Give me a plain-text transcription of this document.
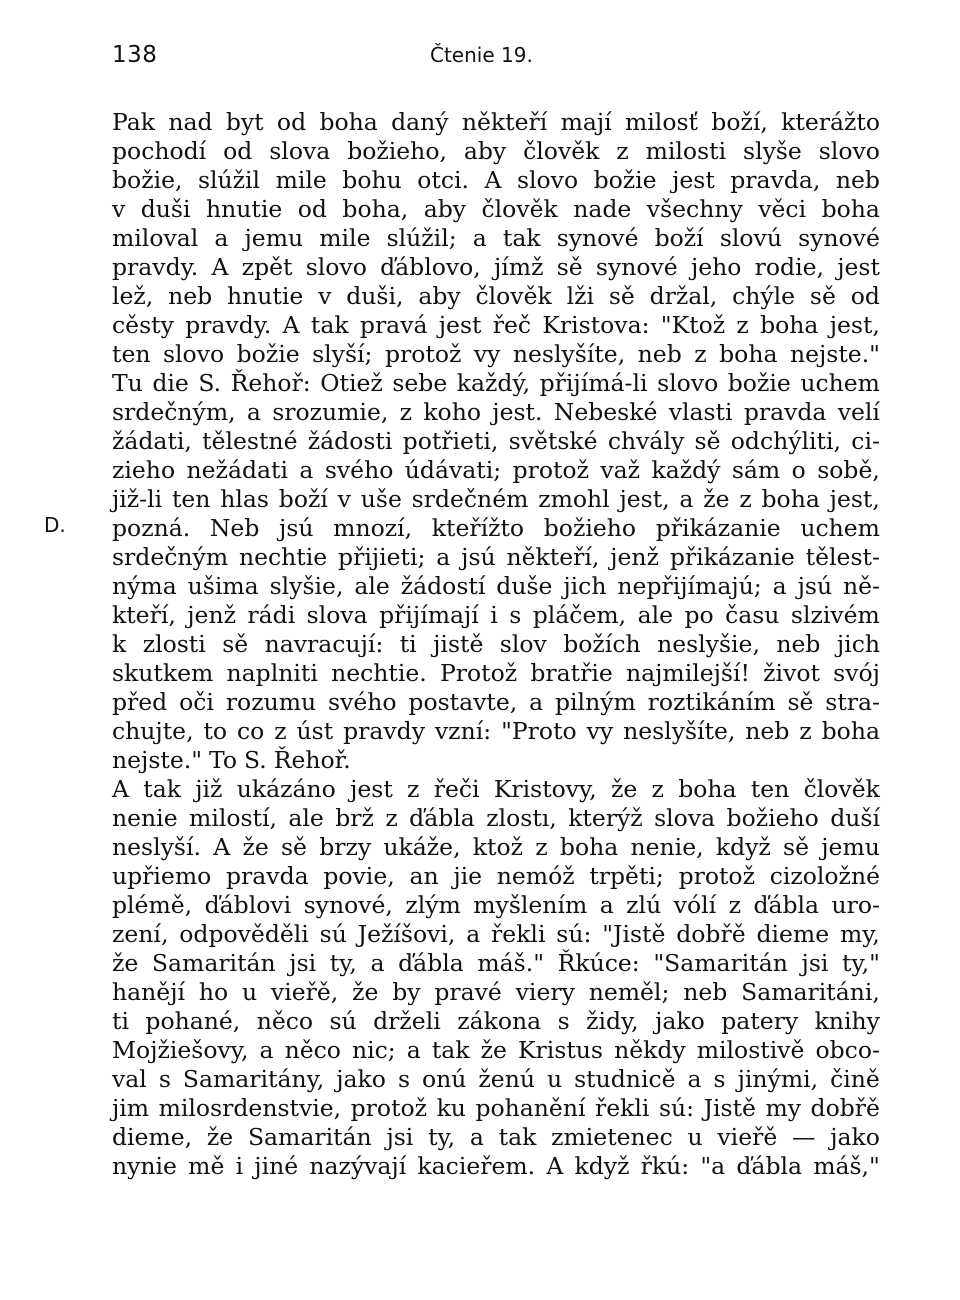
138	Čtenie 19.
D.
Pak nad byt od boha daný někteří mají milosť boží, kterážto
pochodí od slova božieho, aby člověk z milosti slyše slovo
božie, slúžil mile bohu otci. A slovo božie jest pravda, neb
v duši hnutie od boha, aby člověk nade všechny věci boha
miloval a jemu mile slúžil; a tak synové boží slovú synové
pravdy. A zpět slovo ďáblovo, jímž sě synové jeho rodie, jest
lež, neb hnutie v duši, aby člověk lži sě držal, chýle sě od
cěsty pravdy. A tak pravá jest řeč Kristova: "Ktož z boha jest,
ten slovo božie slyší; protož vy neslyšíte, neb z boha nejste."
Tu die S. Řehoř: Otiež sebe každý, přijímá-li slovo božie uchem
srdečným, a srozumie, z koho jest. Nebeské vlasti pravda velí
žádati, tělestné žádosti potřieti, světské chvály sě odchýliti, ci-
zieho nežádati a svého údávati; protož važ každý sám o sobě,
již-li ten hlas boží v uše srdečném zmohl jest, a že z boha jest,
pozná. Neb jsú mnozí, kteřížto božieho přikázanie uchem
srdečným nechtie přijieti; a jsú někteří, jenž přikázanie tělest-
nýma ušima slyšie, ale žádostí duše jich nepřijímajú; a jsú ně-
kteří, jenž rádi slova přijímají i s pláčem, ale po času slzivém
k zlosti sě navracují: ti jistě slov božích neslyšie, neb jich
skutkem naplniti nechtie. Protož bratřie najmilejší! život svój
před oči rozumu svého postavte, a pilným roztikáním sě stra-
chujte, to co z úst pravdy vzní: "Proto vy neslyšíte, neb z boha
nejste." To S. Řehoř.
A tak již ukázáno jest z řeči Kristovy, že z boha ten člověk
nenie milostí, ale brž z ďábla zlostı, kterýž slova božieho duší
neslyší. A že sě brzy ukáže, ktož z boha nenie, když sě jemu
upřiemo pravda povie, an jie nemóž trpěti; protož cizoložné
plémě, ďáblovi synové, zlým myšlením a zlú vólí z ďábla uro-
zení, odpověděli sú Ježíšovi, a řekli sú: "Jistě dobřě dieme my,
že Samaritán jsi ty, a ďábla máš." Řkúce: "Samaritán jsi ty,"
hanějí ho u vieřě, že by pravé viery neměl; neb Samaritáni,
ti pohané, něco sú drželi zákona s židy, jako patery knihy
Mojžiešovy, a něco nic; a tak že Kristus někdy milostivě obco-
val s Samaritány, jako s onú ženú u studnicě a s jinými, čině
jim milosrdenstvie, protož ku pohanění řekli sú: Jistě my dobřě
dieme, že Samaritán jsi ty, a tak zmietenec u vieřě — jako
nynie mě i jiné nazývají kacieřem. A když řkú: "a ďábla máš,"
